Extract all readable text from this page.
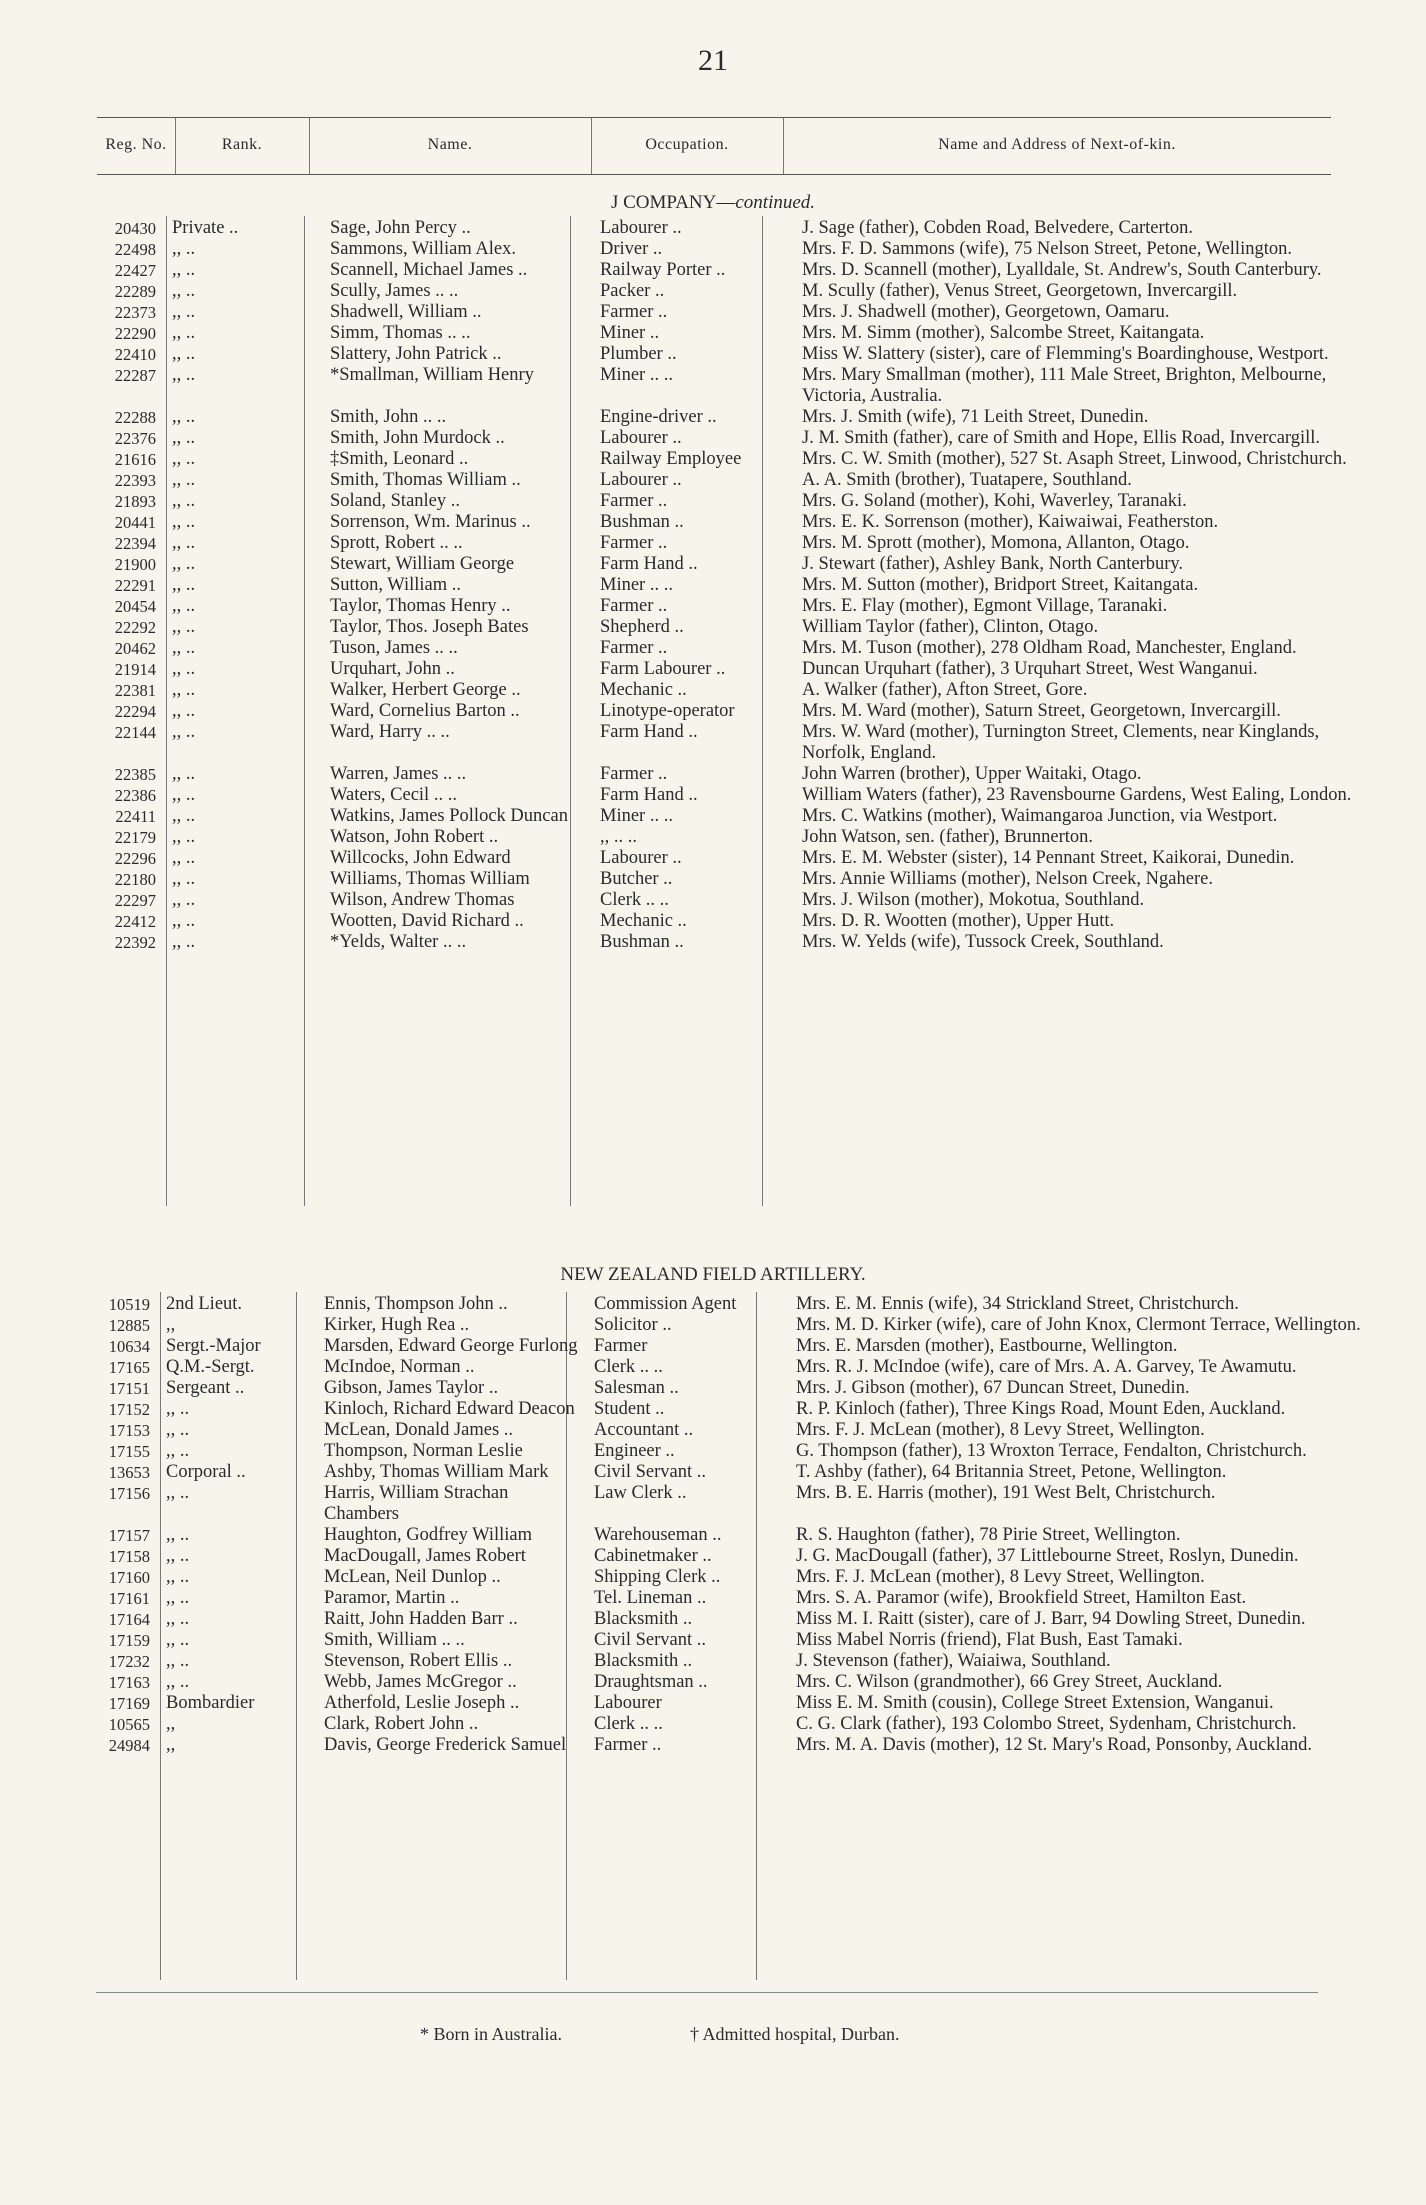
21
Reg. No.	Rank.	Name.	Occupation.	Name and Address of Next-of-kin.
J COMPANY—continued.
20430	Private ..	Sage, John Percy ..	Labourer ..	J. Sage (father), Cobden Road, Belvedere, Carterton.
22498	,, ..	Sammons, William Alex.	Driver ..	Mrs. F. D. Sammons (wife), 75 Nelson Street, Petone, Wellington.
22427	,, ..	Scannell, Michael James ..	Railway Porter ..	Mrs. D. Scannell (mother), Lyalldale, St. Andrew's, South Canterbury.
22289	,, ..	Scully, James .. ..	Packer ..	M. Scully (father), Venus Street, Georgetown, Invercargill.
22373	,, ..	Shadwell, William ..	Farmer ..	Mrs. J. Shadwell (mother), Georgetown, Oamaru.
22290	,, ..	Simm, Thomas .. ..	Miner ..	Mrs. M. Simm (mother), Salcombe Street, Kaitangata.
22410	,, ..	Slattery, John Patrick ..	Plumber ..	Miss W. Slattery (sister), care of Flemming's Boardinghouse, Westport.
22287	,, ..	*Smallman, William Henry	Miner .. ..	Mrs. Mary Smallman (mother), 111 Male Street, Brighton, Melbourne, Victoria, Australia.
22288	,, ..	Smith, John .. ..	Engine-driver ..	Mrs. J. Smith (wife), 71 Leith Street, Dunedin.
22376	,, ..	Smith, John Murdock ..	Labourer ..	J. M. Smith (father), care of Smith and Hope, Ellis Road, Invercargill.
21616	,, ..	‡Smith, Leonard ..	Railway Employee	Mrs. C. W. Smith (mother), 527 St. Asaph Street, Linwood, Christchurch.
22393	,, ..	Smith, Thomas William ..	Labourer ..	A. A. Smith (brother), Tuatapere, Southland.
21893	,, ..	Soland, Stanley ..	Farmer ..	Mrs. G. Soland (mother), Kohi, Waverley, Taranaki.
20441	,, ..	Sorrenson, Wm. Marinus ..	Bushman ..	Mrs. E. K. Sorrenson (mother), Kaiwaiwai, Featherston.
22394	,, ..	Sprott, Robert .. ..	Farmer ..	Mrs. M. Sprott (mother), Momona, Allanton, Otago.
21900	,, ..	Stewart, William George	Farm Hand ..	J. Stewart (father), Ashley Bank, North Canterbury.
22291	,, ..	Sutton, William ..	Miner .. ..	Mrs. M. Sutton (mother), Bridport Street, Kaitangata.
20454	,, ..	Taylor, Thomas Henry ..	Farmer ..	Mrs. E. Flay (mother), Egmont Village, Taranaki.
22292	,, ..	Taylor, Thos. Joseph Bates	Shepherd ..	William Taylor (father), Clinton, Otago.
20462	,, ..	Tuson, James .. ..	Farmer ..	Mrs. M. Tuson (mother), 278 Oldham Road, Manchester, England.
21914	,, ..	Urquhart, John ..	Farm Labourer ..	Duncan Urquhart (father), 3 Urquhart Street, West Wanganui.
22381	,, ..	Walker, Herbert George ..	Mechanic ..	A. Walker (father), Afton Street, Gore.
22294	,, ..	Ward, Cornelius Barton ..	Linotype-operator	Mrs. M. Ward (mother), Saturn Street, Georgetown, Invercargill.
22144	,, ..	Ward, Harry .. ..	Farm Hand ..	Mrs. W. Ward (mother), Turnington Street, Clements, near Kinglands, Norfolk, England.
22385	,, ..	Warren, James .. ..	Farmer ..	John Warren (brother), Upper Waitaki, Otago.
22386	,, ..	Waters, Cecil .. ..	Farm Hand ..	William Waters (father), 23 Ravensbourne Gardens, West Ealing, London.
22411	,, ..	Watkins, James Pollock Duncan	Miner .. ..	Mrs. C. Watkins (mother), Waimangaroa Junction, via Westport.
22179	,, ..	Watson, John Robert ..	,, .. ..	John Watson, sen. (father), Brunnerton.
22296	,, ..	Willcocks, John Edward	Labourer ..	Mrs. E. M. Webster (sister), 14 Pennant Street, Kaikorai, Dunedin.
22180	,, ..	Williams, Thomas William	Butcher ..	Mrs. Annie Williams (mother), Nelson Creek, Ngahere.
22297	,, ..	Wilson, Andrew Thomas	Clerk .. ..	Mrs. J. Wilson (mother), Mokotua, Southland.
22412	,, ..	Wootten, David Richard ..	Mechanic ..	Mrs. D. R. Wootten (mother), Upper Hutt.
22392	,, ..	*Yelds, Walter .. ..	Bushman ..	Mrs. W. Yelds (wife), Tussock Creek, Southland.
NEW ZEALAND FIELD ARTILLERY.
10519	2nd Lieut.	Ennis, Thompson John ..	Commission Agent	Mrs. E. M. Ennis (wife), 34 Strickland Street, Christchurch.
12885	,,	Kirker, Hugh Rea ..	Solicitor ..	Mrs. M. D. Kirker (wife), care of John Knox, Clermont Terrace, Wellington.
10634	Sergt.-Major	Marsden, Edward George Furlong	Farmer	Mrs. E. Marsden (mother), Eastbourne, Wellington.
17165	Q.M.-Sergt.	McIndoe, Norman ..	Clerk .. ..	Mrs. R. J. McIndoe (wife), care of Mrs. A. A. Garvey, Te Awamutu.
17151	Sergeant ..	Gibson, James Taylor ..	Salesman ..	Mrs. J. Gibson (mother), 67 Duncan Street, Dunedin.
17152	,, ..	Kinloch, Richard Edward Deacon	Student ..	R. P. Kinloch (father), Three Kings Road, Mount Eden, Auckland.
17153	,, ..	McLean, Donald James ..	Accountant ..	Mrs. F. J. McLean (mother), 8 Levy Street, Wellington.
17155	,, ..	Thompson, Norman Leslie	Engineer ..	G. Thompson (father), 13 Wroxton Terrace, Fendalton, Christchurch.
13653	Corporal ..	Ashby, Thomas William Mark	Civil Servant ..	T. Ashby (father), 64 Britannia Street, Petone, Wellington.
17156	,, ..	Harris, William Strachan Chambers	Law Clerk ..	Mrs. B. E. Harris (mother), 191 West Belt, Christchurch.
17157	,, ..	Haughton, Godfrey William	Warehouseman ..	R. S. Haughton (father), 78 Pirie Street, Wellington.
17158	,, ..	MacDougall, James Robert	Cabinetmaker ..	J. G. MacDougall (father), 37 Littlebourne Street, Roslyn, Dunedin.
17160	,, ..	McLean, Neil Dunlop ..	Shipping Clerk ..	Mrs. F. J. McLean (mother), 8 Levy Street, Wellington.
17161	,, ..	Paramor, Martin ..	Tel. Lineman ..	Mrs. S. A. Paramor (wife), Brookfield Street, Hamilton East.
17164	,, ..	Raitt, John Hadden Barr ..	Blacksmith ..	Miss M. I. Raitt (sister), care of J. Barr, 94 Dowling Street, Dunedin.
17159	,, ..	Smith, William .. ..	Civil Servant ..	Miss Mabel Norris (friend), Flat Bush, East Tamaki.
17232	,, ..	Stevenson, Robert Ellis ..	Blacksmith ..	J. Stevenson (father), Waiaiwa, Southland.
17163	,, ..	Webb, James McGregor ..	Draughtsman ..	Mrs. C. Wilson (grandmother), 66 Grey Street, Auckland.
17169	Bombardier	Atherfold, Leslie Joseph ..	Labourer	Miss E. M. Smith (cousin), College Street Extension, Wanganui.
10565	,,	Clark, Robert John ..	Clerk .. ..	C. G. Clark (father), 193 Colombo Street, Sydenham, Christchurch.
24984	,,	Davis, George Frederick Samuel	Farmer ..	Mrs. M. A. Davis (mother), 12 St. Mary's Road, Ponsonby, Auckland.
* Born in Australia.	† Admitted hospital, Durban.
